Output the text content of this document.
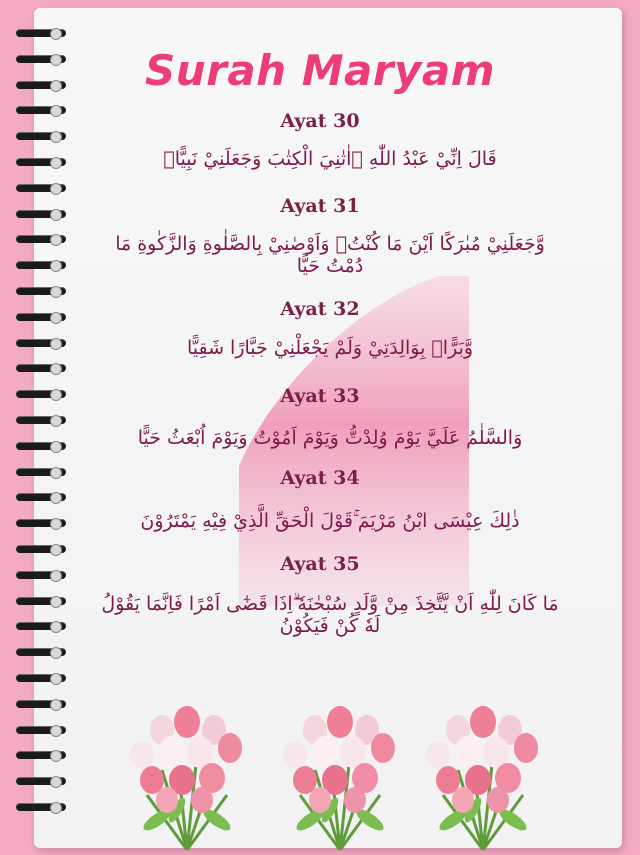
Surah Maryam
Ayat 30
قَالَ اِنِّيْ عَبْدُ اللّٰهِ ۗاٰتٰنِيَ الْكِتٰبَ وَجَعَلَنِيْ نَبِيًّاۙ
Ayat 31
وَّجَعَلَنِيْ مُبٰرَكًا اَيْنَ مَا كُنْتُۖ وَاَوْصٰنِيْ بِالصَّلٰوةِ وَالزَّكٰوةِ مَا دُمْتُ حَيًّا
Ayat 32
وَّبَرًّاۢ بِوَالِدَتِيْ وَلَمْ يَجْعَلْنِيْ جَبَّارًا شَقِيًّا
Ayat 33
وَالسَّلٰمُ عَلَيَّ يَوْمَ وُلِدْتُّ وَيَوْمَ اَمُوْتُ وَيَوْمَ اُبْعَثُ حَيًّا
Ayat 34
ذٰلِكَ عِيْسَى ابْنُ مَرْيَمَ ۚقَوْلَ الْحَقِّ الَّذِيْ فِيْهِ يَمْتَرُوْنَ
Ayat 35
مَا كَانَ لِلّٰهِ اَنْ يَّتَّخِذَ مِنْ وَّلَدٍ سُبْحٰنَهٗ ۗاِذَا قَضٰٓى اَمْرًا فَاِنَّمَا يَقُوْلُ لَهٗ كُنْ فَيَكُوْنُ
